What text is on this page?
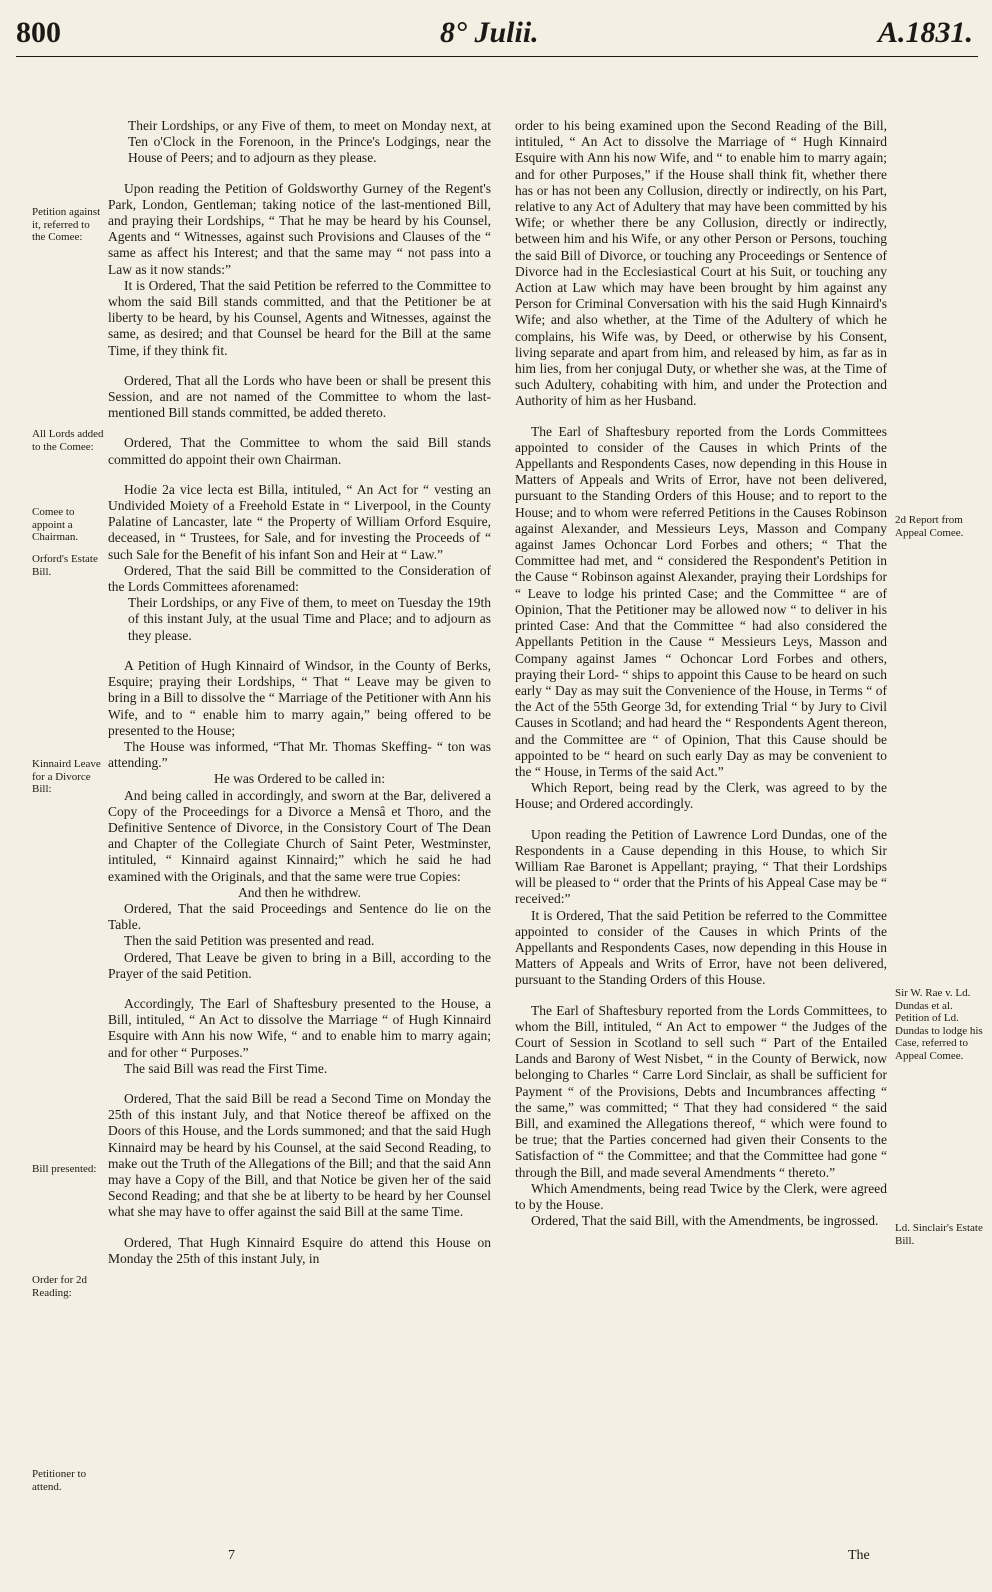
800	8° Julii.	A.1831.
Petition against it, referred to the Comee:
All Lords added to the Comee:
Comee to appoint a Chairman.
Orford's Estate Bill.
Kinnaird Leave for a Divorce Bill:
Bill presented:
Order for 2d Reading:
Petitioner to attend.
2d Report from Appeal Comee.
Sir W. Rae v. Ld. Dundas et al. Petition of Ld. Dundas to lodge his Case, referred to Appeal Comee.
Ld. Sinclair's Estate Bill.

Their Lordships, or any Five of them, to meet on Monday next, at Ten o'Clock in the Forenoon, in the Prince's Lodgings, near the House of Peers; and to adjourn as they please.

Upon reading the Petition of Goldsworthy Gurney of the Regent's Park, London, Gentleman; taking notice of the last-mentioned Bill, and praying their Lordships, “ That he may be heard by his Counsel, Agents and “ Witnesses, against such Provisions and Clauses of the “ same as affect his Interest; and that the same may “ not pass into a Law as it now stands:”

It is Ordered, That the said Petition be referred to the Committee to whom the said Bill stands committed, and that the Petitioner be at liberty to be heard, by his Counsel, Agents and Witnesses, against the same, as desired; and that Counsel be heard for the Bill at the same Time, if they think fit.

Ordered, That all the Lords who have been or shall be present this Session, and are not named of the Committee to whom the last-mentioned Bill stands committed, be added thereto.

Ordered, That the Committee to whom the said Bill stands committed do appoint their own Chairman.

Hodie 2a vice lecta est Billa, intituled, “ An Act for “ vesting an Undivided Moiety of a Freehold Estate in “ Liverpool, in the County Palatine of Lancaster, late “ the Property of William Orford Esquire, deceased, in “ Trustees, for Sale, and for investing the Proceeds of “ such Sale for the Benefit of his infant Son and Heir at “ Law.”

Ordered, That the said Bill be committed to the Consideration of the Lords Committees aforenamed:

Their Lordships, or any Five of them, to meet on Tuesday the 19th of this instant July, at the usual Time and Place; and to adjourn as they please.

A Petition of Hugh Kinnaird of Windsor, in the County of Berks, Esquire; praying their Lordships, “ That “ Leave may be given to bring in a Bill to dissolve the “ Marriage of the Petitioner with Ann his Wife, and to “ enable him to marry again,” being offered to be presented to the House;

The House was informed, “That Mr. Thomas Skeffing- “ ton was attending.”

He was Ordered to be called in:

And being called in accordingly, and sworn at the Bar, delivered a Copy of the Proceedings for a Divorce a Mensâ et Thoro, and the Definitive Sentence of Divorce, in the Consistory Court of The Dean and Chapter of the Collegiate Church of Saint Peter, Westminster, intituled, “ Kinnaird against Kinnaird;” which he said he had examined with the Originals, and that the same were true Copies:

And then he withdrew.

Ordered, That the said Proceedings and Sentence do lie on the Table.

Then the said Petition was presented and read.

Ordered, That Leave be given to bring in a Bill, according to the Prayer of the said Petition.

Accordingly, The Earl of Shaftesbury presented to the House, a Bill, intituled, “ An Act to dissolve the Marriage “ of Hugh Kinnaird Esquire with Ann his now Wife, “ and to enable him to marry again; and for other “ Purposes.”

The said Bill was read the First Time.

Ordered, That the said Bill be read a Second Time on Monday the 25th of this instant July, and that Notice thereof be affixed on the Doors of this House, and the Lords summoned; and that the said Hugh Kinnaird may be heard by his Counsel, at the said Second Reading, to make out the Truth of the Allegations of the Bill; and that the said Ann may have a Copy of the Bill, and that Notice be given her of the said Second Reading; and that she be at liberty to be heard by her Counsel what she may have to offer against the said Bill at the same Time.

Ordered, That Hugh Kinnaird Esquire do attend this House on Monday the 25th of this instant July, in

order to his being examined upon the Second Reading of the Bill, intituled, “ An Act to dissolve the Marriage of “ Hugh Kinnaird Esquire with Ann his now Wife, and “ to enable him to marry again; and for other Purposes,” if the House shall think fit, whether there has or has not been any Collusion, directly or indirectly, on his Part, relative to any Act of Adultery that may have been committed by his Wife; or whether there be any Collusion, directly or indirectly, between him and his Wife, or any other Person or Persons, touching the said Bill of Divorce, or touching any Proceedings or Sentence of Divorce had in the Ecclesiastical Court at his Suit, or touching any Action at Law which may have been brought by him against any Person for Criminal Conversation with his the said Hugh Kinnaird's Wife; and also whether, at the Time of the Adultery of which he complains, his Wife was, by Deed, or otherwise by his Consent, living separate and apart from him, and released by him, as far as in him lies, from her conjugal Duty, or whether she was, at the Time of such Adultery, cohabiting with him, and under the Protection and Authority of him as her Husband.

The Earl of Shaftesbury reported from the Lords Committees appointed to consider of the Causes in which Prints of the Appellants and Respondents Cases, now depending in this House in Matters of Appeals and Writs of Error, have not been delivered, pursuant to the Standing Orders of this House; and to report to the House; and to whom were referred Petitions in the Causes Robinson against Alexander, and Messieurs Leys, Masson and Company against James Ochoncar Lord Forbes and others; “ That the Committee had met, and “ considered the Respondent's Petition in the Cause “ Robinson against Alexander, praying their Lordships for “ Leave to lodge his printed Case; and the Committee “ are of Opinion, That the Petitioner may be allowed now “ to deliver in his printed Case: And that the Committee “ had also considered the Appellants Petition in the Cause “ Messieurs Leys, Masson and Company against James “ Ochoncar Lord Forbes and others, praying their Lord- “ ships to appoint this Cause to be heard on such early “ Day as may suit the Convenience of the House, in Terms “ of the Act of the 55th George 3d, for extending Trial “ by Jury to Civil Causes in Scotland; and had heard the “ Respondents Agent thereon, and the Committee are “ of Opinion, That this Cause should be appointed to be “ heard on such early Day as may be convenient to the “ House, in Terms of the said Act.”

Which Report, being read by the Clerk, was agreed to by the House; and Ordered accordingly.

Upon reading the Petition of Lawrence Lord Dundas, one of the Respondents in a Cause depending in this House, to which Sir William Rae Baronet is Appellant; praying, “ That their Lordships will be pleased to “ order that the Prints of his Appeal Case may be “ received:”

It is Ordered, That the said Petition be referred to the Committee appointed to consider of the Causes in which Prints of the Appellants and Respondents Cases, now depending in this House in Matters of Appeals and Writs of Error, have not been delivered, pursuant to the Standing Orders of this House.

The Earl of Shaftesbury reported from the Lords Committees, to whom the Bill, intituled, “ An Act to empower “ the Judges of the Court of Session in Scotland to sell such “ Part of the Entailed Lands and Barony of West Nisbet, “ in the County of Berwick, now belonging to Charles “ Carre Lord Sinclair, as shall be sufficient for Payment “ of the Provisions, Debts and Incumbrances affecting “ the same,” was committed; “ That they had considered “ the said Bill, and examined the Allegations thereof, “ which were found to be true; that the Parties concerned had given their Consents to the Satisfaction of “ the Committee; and that the Committee had gone “ through the Bill, and made several Amendments “ thereto.”

Which Amendments, being read Twice by the Clerk, were agreed to by the House.

Ordered, That the said Bill, with the Amendments, be ingrossed.

7	The
